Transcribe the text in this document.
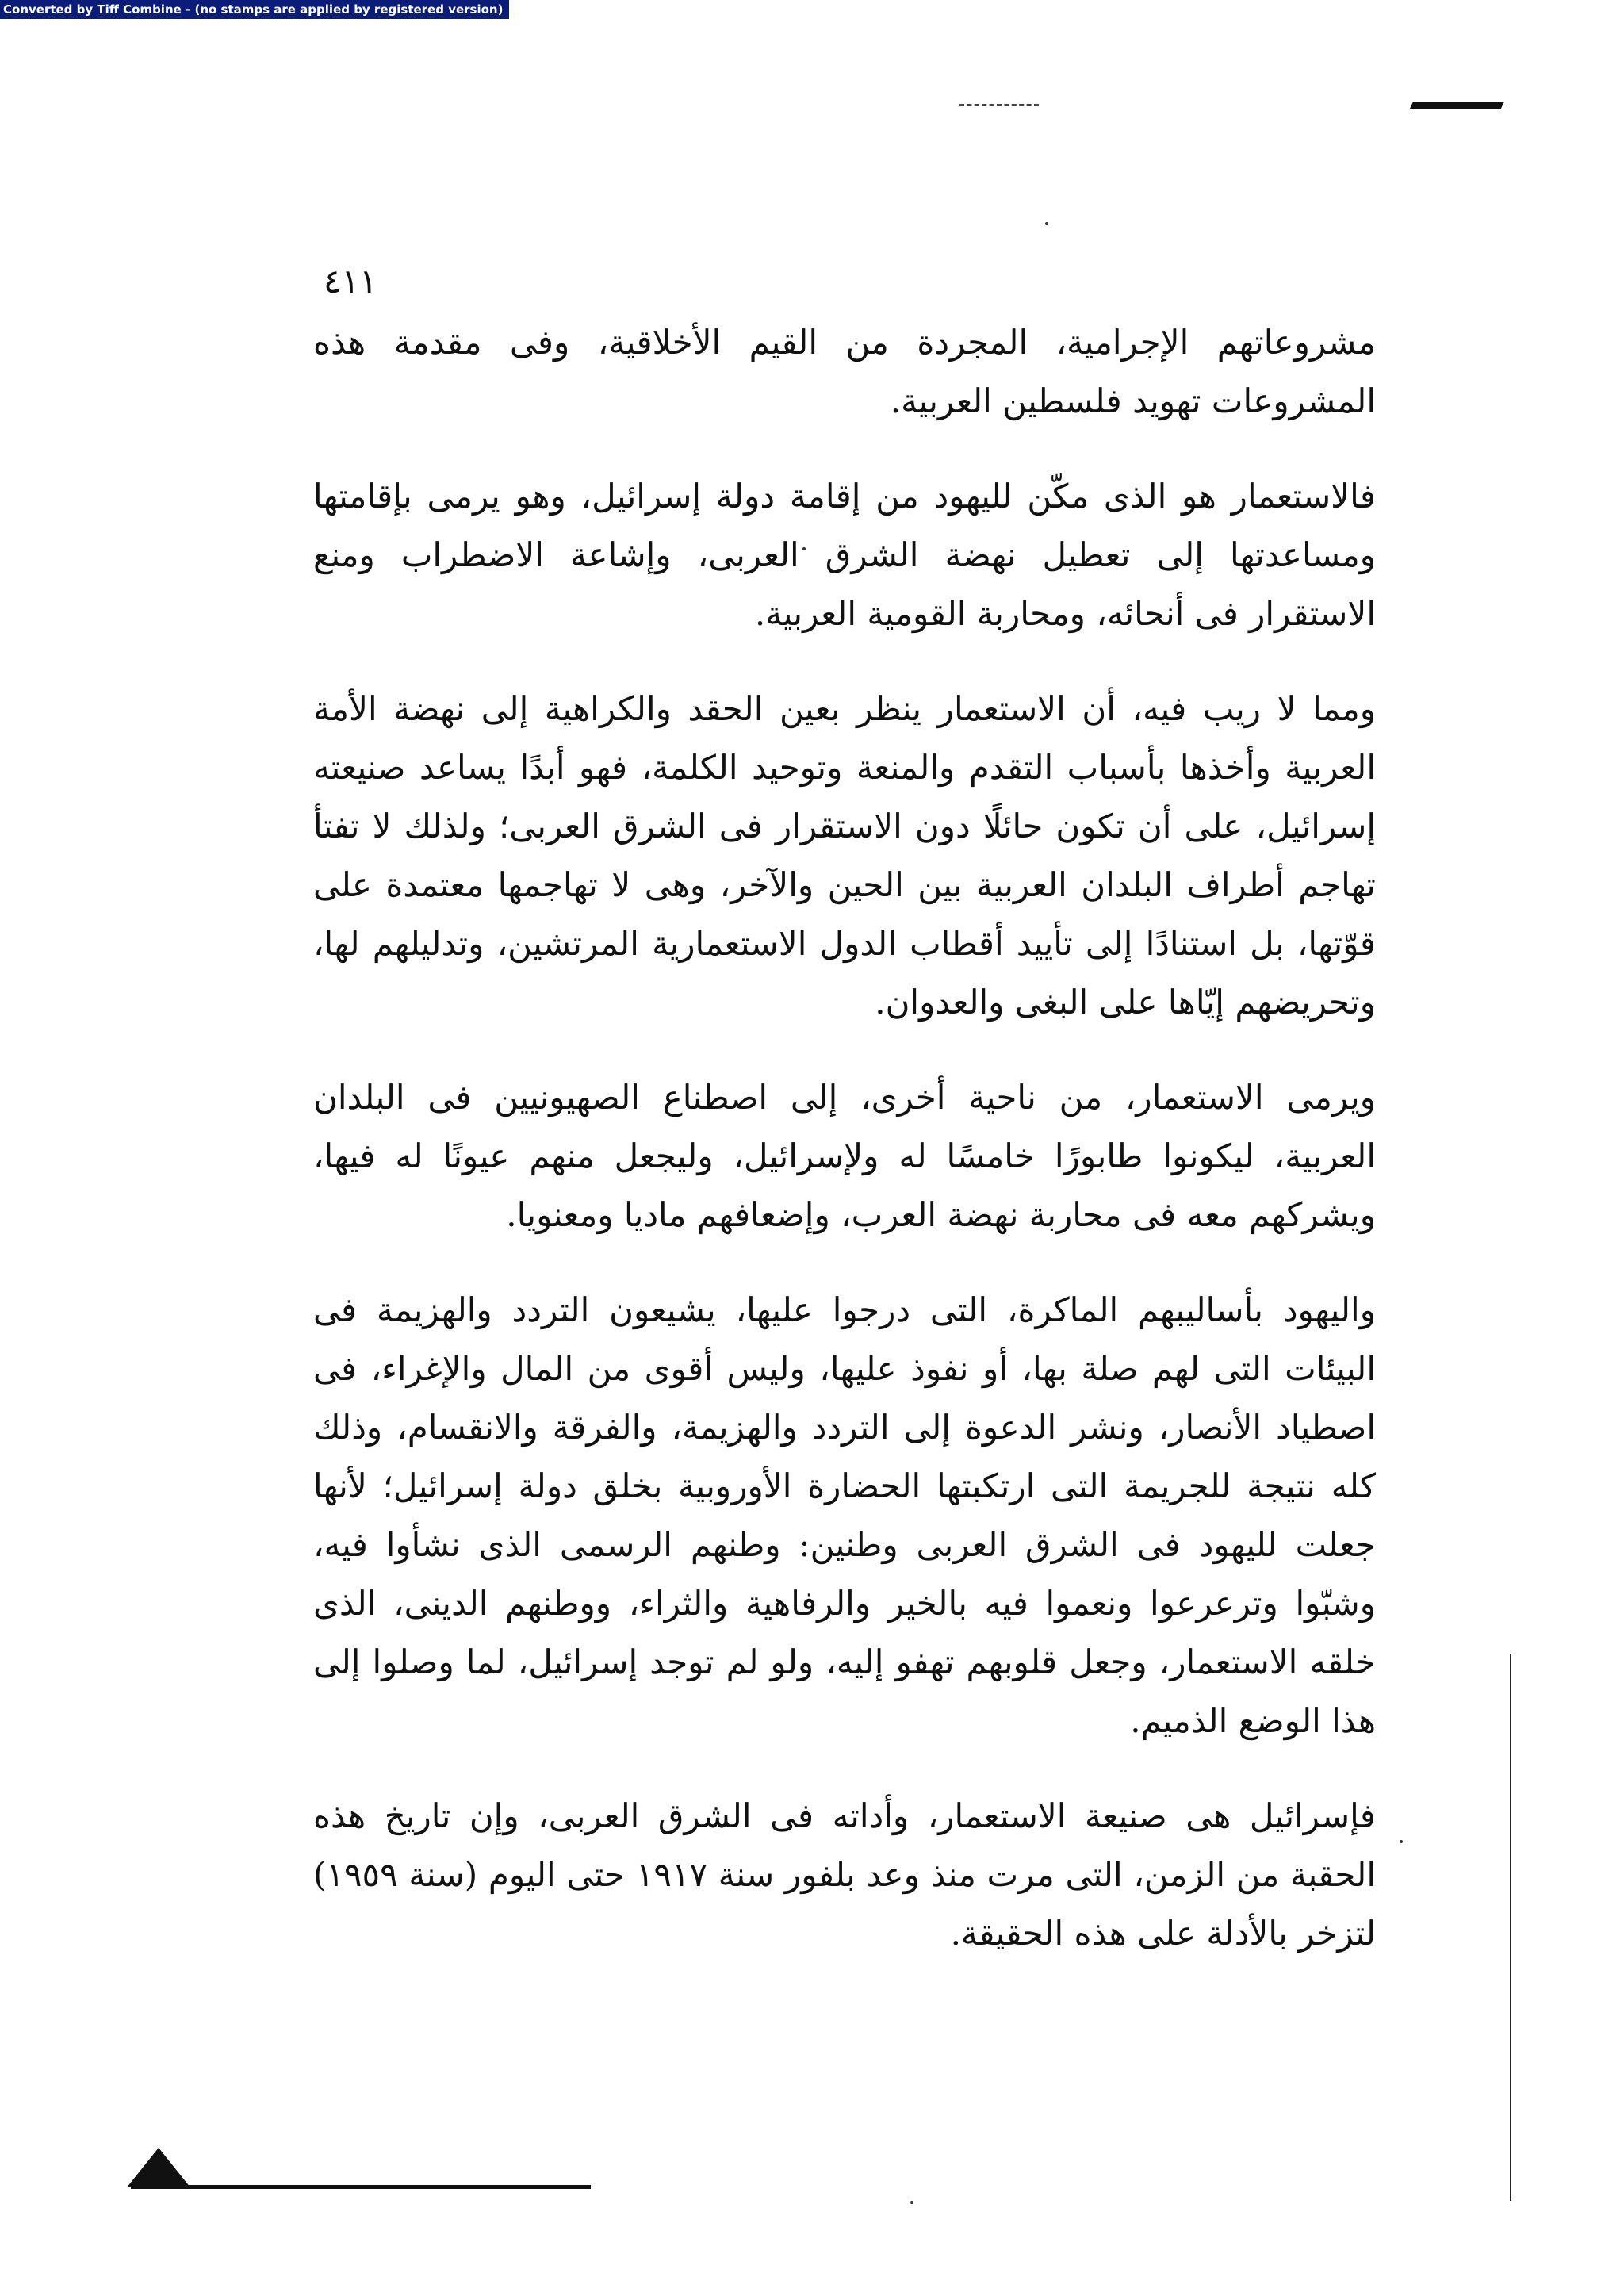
Converted by Tiff Combine - (no stamps are applied by registered version)
٤١١

مشروعاتهم الإجرامية، المجردة من القيم الأخلاقية، وفى مقدمة هذه المشروعات تهويد فلسطين العربية.

فالاستعمار هو الذى مكّن لليهود من إقامة دولة إسرائيل، وهو يرمى بإقامتها ومساعدتها إلى تعطيل نهضة الشرق العربى، وإشاعة الاضطراب ومنع الاستقرار فى أنحائه، ومحاربة القومية العربية.

ومما لا ريب فيه، أن الاستعمار ينظر بعين الحقد والكراهية إلى نهضة الأمة العربية وأخذها بأسباب التقدم والمنعة وتوحيد الكلمة، فهو أبدًا يساعد صنيعته إسرائيل، على أن تكون حائلًا دون الاستقرار فى الشرق العربى؛ ولذلك لا تفتأ تهاجم أطراف البلدان العربية بين الحين والآخر، وهى لا تهاجمها معتمدة على قوّتها، بل استنادًا إلى تأييد أقطاب الدول الاستعمارية المرتشين، وتدليلهم لها، وتحريضهم إيّاها على البغى والعدوان.

ويرمى الاستعمار، من ناحية أخرى، إلى اصطناع الصهيونيين فى البلدان العربية، ليكونوا طابورًا خامسًا له ولإسرائيل، وليجعل منهم عيونًا له فيها، ويشركهم معه فى محاربة نهضة العرب، وإضعافهم ماديا ومعنويا.

واليهود بأساليبهم الماكرة، التى درجوا عليها، يشيعون التردد والهزيمة فى البيئات التى لهم صلة بها، أو نفوذ عليها، وليس أقوى من المال والإغراء، فى اصطياد الأنصار، ونشر الدعوة إلى التردد والهزيمة، والفرقة والانقسام، وذلك كله نتيجة للجريمة التى ارتكبتها الحضارة الأوروبية بخلق دولة إسرائيل؛ لأنها جعلت لليهود فى الشرق العربى وطنين: وطنهم الرسمى الذى نشأوا فيه، وشبّوا وترعرعوا ونعموا فيه بالخير والرفاهية والثراء، ووطنهم الدينى، الذى خلقه الاستعمار، وجعل قلوبهم تهفو إليه، ولو لم توجد إسرائيل، لما وصلوا إلى هذا الوضع الذميم.

فإسرائيل هى صنيعة الاستعمار، وأداته فى الشرق العربى، وإن تاريخ هذه الحقبة من الزمن، التى مرت منذ وعد بلفور سنة ١٩١٧ حتى اليوم (سنة ١٩٥٩) لتزخر بالأدلة على هذه الحقيقة.
